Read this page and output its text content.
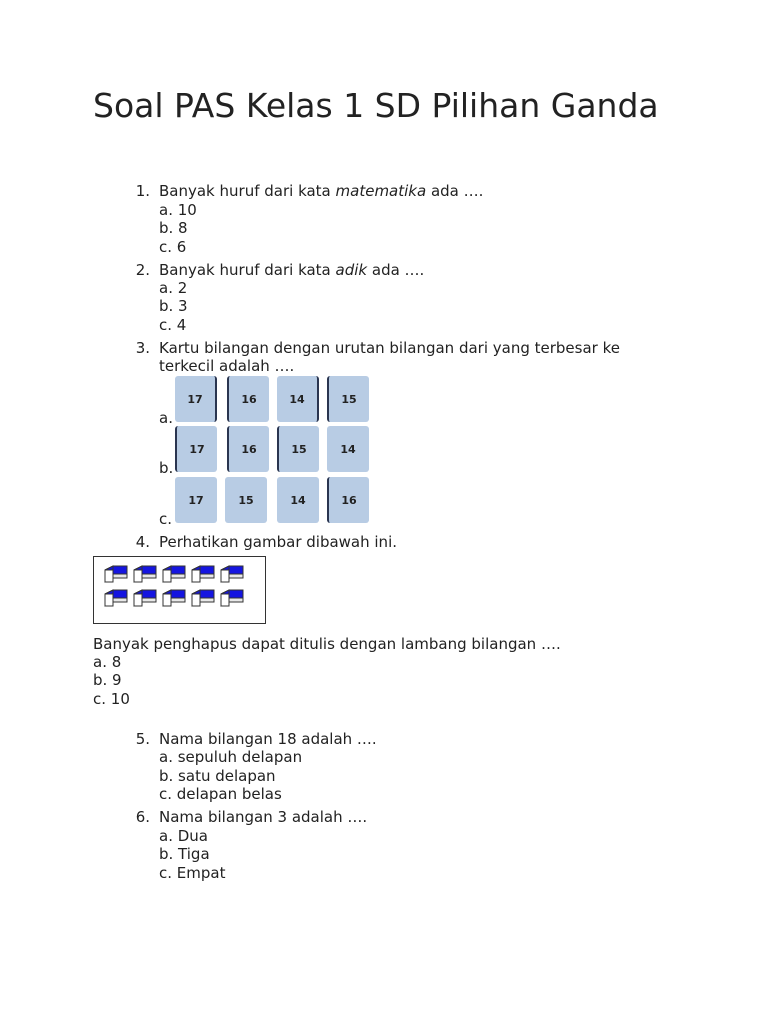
Soal PAS Kelas 1 SD Pilihan Ganda
1. Banyak huruf dari kata matematika ada ….
a. 10
b. 8
c. 6
2. Banyak huruf dari kata adik ada ….
a. 2
b. 3
c. 4
3. Kartu bilangan dengan urutan bilangan dari yang terbesar ke
terkecil adalah ….
a.
17	16	14	15
b.
17	16	15	14
c.
17	15	14	16
4. Perhatikan gambar dibawah ini.
Banyak penghapus dapat ditulis dengan lambang bilangan ….
a. 8
b. 9
c. 10
5. Nama bilangan 18 adalah ….
a. sepuluh delapan
b. satu delapan
c. delapan belas
6. Nama bilangan 3 adalah ….
a. Dua
b. Tiga
c. Empat
